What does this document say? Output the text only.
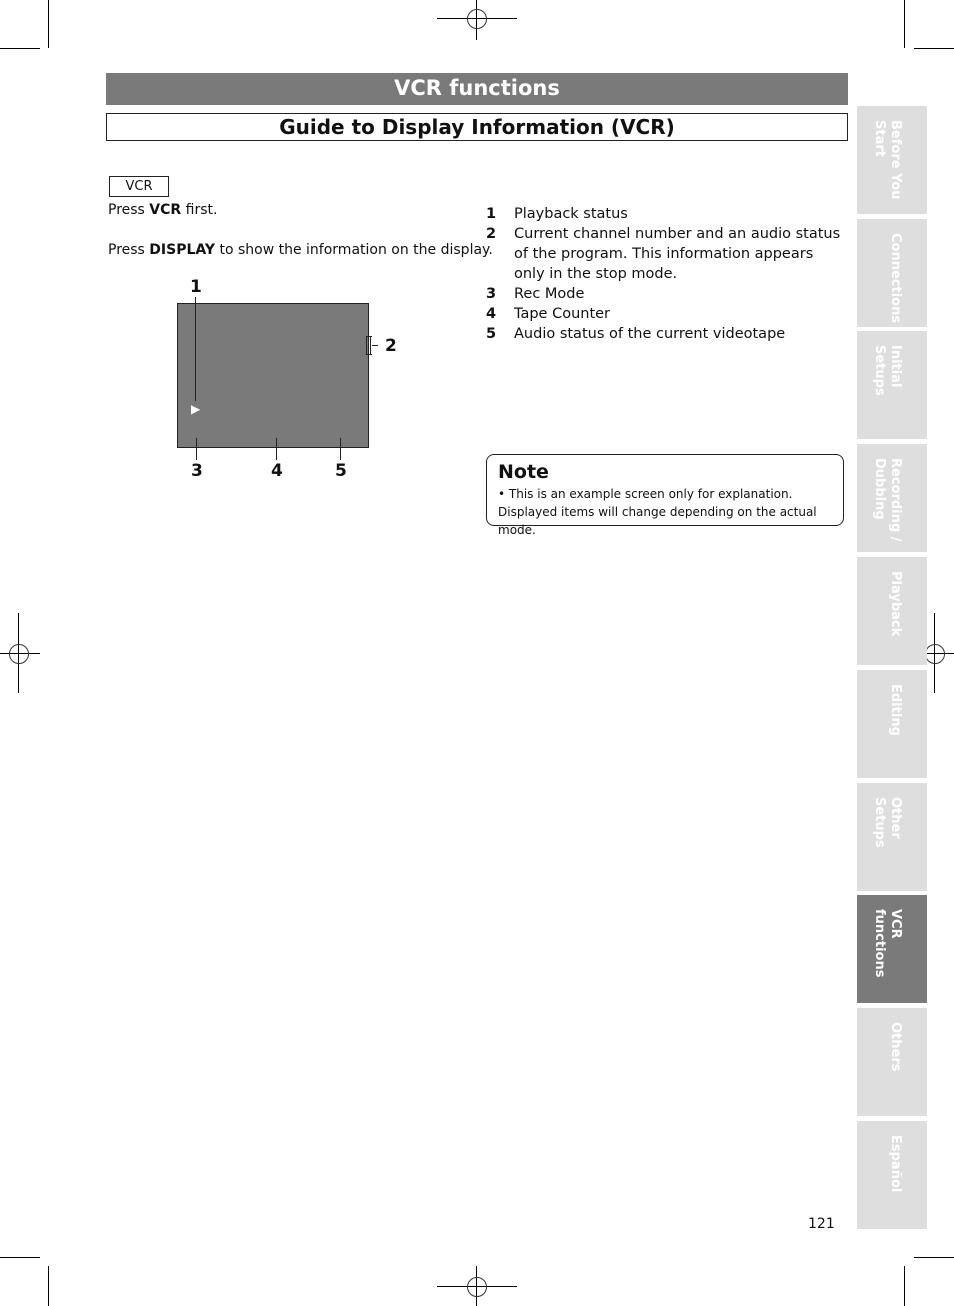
VCR functions
Guide to Display Information (VCR)
VCR
Press VCR first.
Press DISPLAY to show the information on the display.
▶
1
2
3	4	5
1	Playback status
2	Current channel number and an audio status of the program. This information appears only in the stop mode.
3	Rec Mode
4	Tape Counter
5	Audio status of the current videotape
Note
• This is an example screen only for explanation. Displayed items will change depending on the actual mode.
Before You
Start
Connections
Initial Setups
Recording /
Dubbing
Playback
Editing
Other Setups
VCR functions
Others
Español
121
